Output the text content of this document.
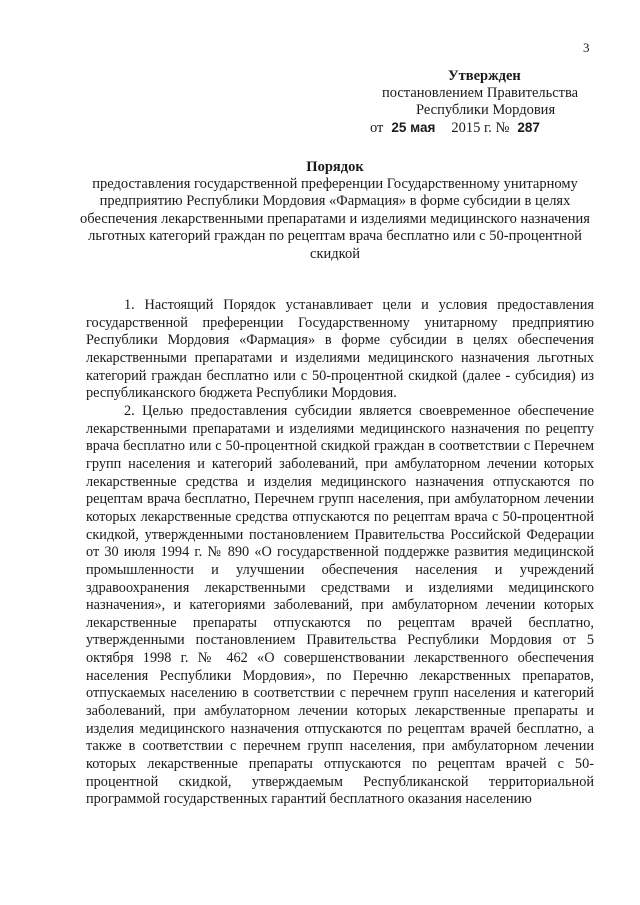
3
Утвержден
постановлением Правительства
Республики Мордовия
от 25 мая 2015 г. № 287
Порядок
предоставления государственной преференции Государственному унитарному предприятию Республики Мордовия «Фармация» в форме субсидии в целях обеспечения лекарственными препаратами и изделиями медицинского назначения льготных категорий граждан по рецептам врача бесплатно или с 50-процентной скидкой

1. Настоящий Порядок устанавливает цели и условия предоставления государственной преференции Государственному унитарному предприятию Республики Мордовия «Фармация» в форме субсидии в целях обеспечения лекарственными препаратами и изделиями медицинского назначения льготных категорий граждан бесплатно или с 50-процентной скидкой (далее - субсидия) из республиканского бюджета Республики Мордовия.

2. Целью предоставления субсидии является своевременное обеспечение лекарственными препаратами и изделиями медицинского назначения по рецепту врача бесплатно или с 50-процентной скидкой граждан в соответствии с Перечнем групп населения и категорий заболеваний, при амбулаторном лечении которых лекарственные средства и изделия медицинского назначения отпускаются по рецептам врача бесплатно, Перечнем групп населения, при амбулаторном лечении которых лекарственные средства отпускаются по рецептам врача с 50-процентной скидкой, утвержденными постановлением Правительства Российской Федерации от 30 июля 1994 г. № 890 «О государственной поддержке развития медицинской промышленности и улучшении обеспечения населения и учреждений здравоохранения лекарственными средствами и изделиями медицинского назначения», и категориями заболеваний, при амбулаторном лечении которых лекарственные препараты отпускаются по рецептам врачей бесплатно, утвержденными постановлением Правительства Республики Мордовия от 5 октября 1998 г. № 462 «О совершенствовании лекарственного обеспечения населения Республики Мордовия», по Перечню лекарственных препаратов, отпускаемых населению в соответствии с перечнем групп населения и категорий заболеваний, при амбулаторном лечении которых лекарственные препараты и изделия медицинского назначения отпускаются по рецептам врачей бесплатно, а также в соответствии с перечнем групп населения, при амбулаторном лечении которых лекарственные препараты отпускаются по рецептам врачей с 50-процентной скидкой, утверждаемым Республиканской территориальной программой государственных гарантий бесплатного оказания населению
